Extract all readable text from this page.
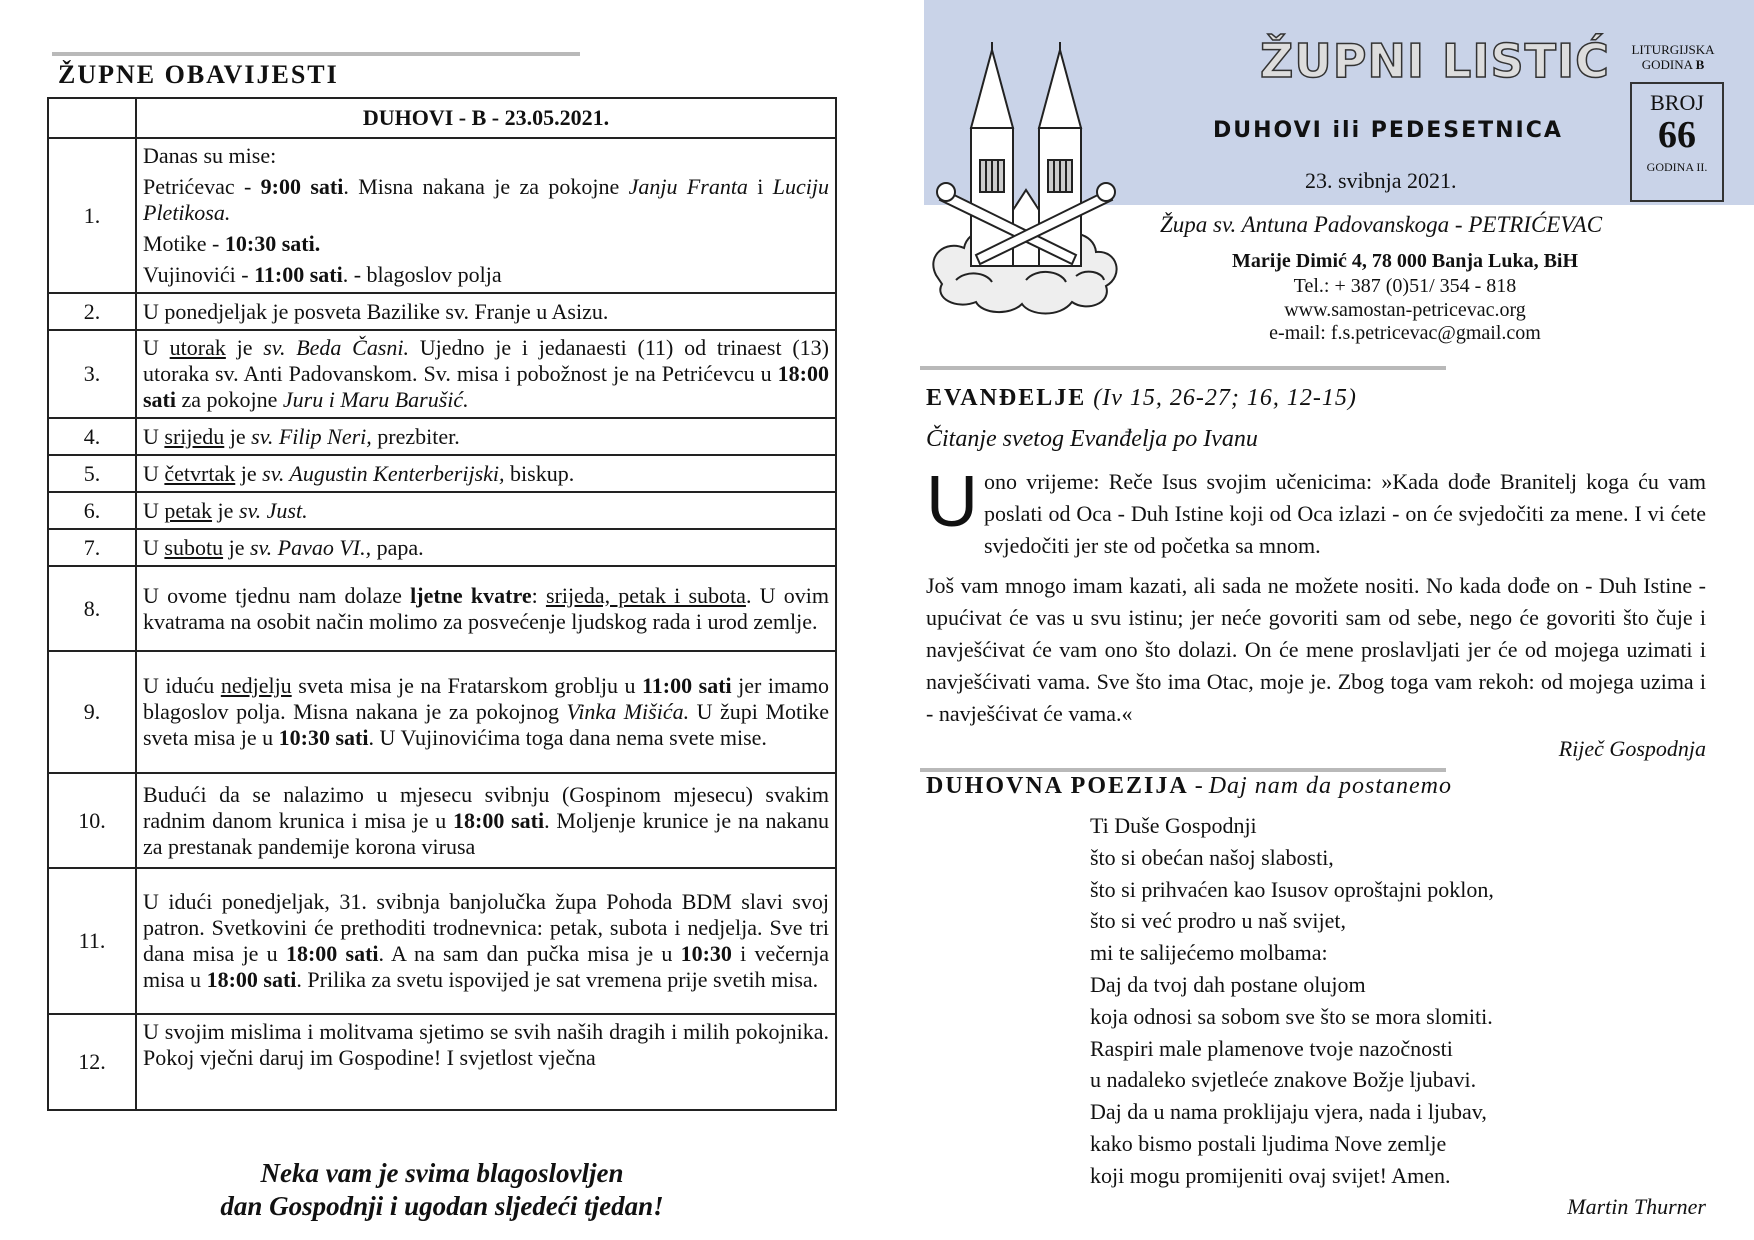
ŽUPNE OBAVIJESTI
	DUHOVI - B - 23.05.2021.
1.	Danas su mise:
Petrićevac - 9:00 sati. Misna nakana je za pokojne Janju Franta i Luciju Pletikosa.
Motike - 10:30 sati.
Vujinovići - 11:00 sati. - blagoslov polja

2.	U ponedjeljak je posveta Bazilike sv. Franje u Asizu.
3.	U utorak je sv. Beda Časni. Ujedno je i jedanaesti (11) od trinaest (13) utoraka sv. Anti Padovanskom. Sv. misa i pobožnost je na Petrićevcu u 18:00 sati za pokojne Juru i Maru Barušić.
4.	U srijedu je sv. Filip Neri, prezbiter.
5.	U četvrtak je sv. Augustin Kenterberijski, biskup.
6.	U petak je sv. Just.
7.	U subotu je sv. Pavao VI., papa.
8.	U ovome tjednu nam dolaze ljetne kvatre: srijeda, petak i subota. U ovim kvatrama na osobit način molimo za posvećenje ljudskog rada i urod zemlje.
9.	U iduću nedjelju sveta misa je na Fratarskom groblju u 11:00 sati jer imamo blagoslov polja. Misna nakana je za pokojnog Vinka Mišića. U župi Motike sveta misa je u 10:30 sati. U Vujinovićima toga dana nema svete mise.
10.	Budući da se nalazimo u mjesecu svibnju (Gospinom mjesecu) svakim radnim danom krunica i misa je u 18:00 sati. Moljenje krunice je na nakanu za prestanak pandemije korona virusa
11.	U idući ponedjeljak, 31. svibnja banjolučka župa Pohoda BDM slavi svoj patron. Svetkovini će prethoditi trodnevnica: petak, subota i nedjelja. Sve tri dana misa je u 18:00 sati. A na sam dan pučka misa je u 10:30 i večernja misa u 18:00 sati. Prilika za svetu ispovijed je sat vremena prije svetih misa.
12.	U svojim mislima i molitvama sjetimo se svih naših dragih i milih pokojnika. Pokoj vječni daruj im Gospodine! I svjetlost vječna
Neka vam je svima blagoslovljen
dan Gospodnji i ugodan sljedeći tjedan!
ŽUPNI LISTIĆ
DUHOVI ili PEDESETNICA
23. svibnja 2021.
LITURGIJSKA
GODINA B
BROJ
66
GODINA II.
Župa sv. Antuna Padovanskoga - PETRIĆEVAC
Marije Dimić 4, 78 000 Banja Luka, BiH
Tel.: + 387 (0)51/ 354 - 818
www.samostan-petricevac.org
e-mail: f.s.petricevac@gmail.com
EVANĐELJE (Iv 15, 26-27; 16, 12-15)
Čitanje svetog Evanđelja po Ivanu

Uono vrijeme: Reče Isus svojim učenicima: »Kada dođe Branitelj koga ću vam poslati od Oca - Duh Istine koji od Oca izlazi - on će svjedočiti za mene. I vi ćete svjedočiti jer ste od početka sa mnom.

Još vam mnogo imam kazati, ali sada ne možete nositi. No kada dođe on - Duh Istine -upućivat će vas u svu istinu; jer neće govoriti sam od sebe, nego će govoriti što čuje i navješćivat će vam ono što dolazi. On će mene proslavljati jer će od mojega uzimati i navješćivati vama. Sve što ima Otac, moje je. Zbog toga vam rekoh: od mojega uzima i - navješćivat će vama.«

Riječ Gospodnja
DUHOVNA POEZIJA - Daj nam da postanemo
Ti Duše Gospodnji
što si obećan našoj slabosti,
što si prihvaćen kao Isusov oproštajni poklon,
što si već prodro u naš svijet,
mi te salijećemo molbama:
Daj da tvoj dah postane olujom
koja odnosi sa sobom sve što se mora slomiti.
Raspiri male plamenove tvoje nazočnosti
u nadaleko svjetleće znakove Božje ljubavi.
Daj da u nama proklijaju vjera, nada i ljubav,
kako bismo postali ljudima Nove zemlje
koji mogu promijeniti ovaj svijet! Amen.
Martin Thurner
